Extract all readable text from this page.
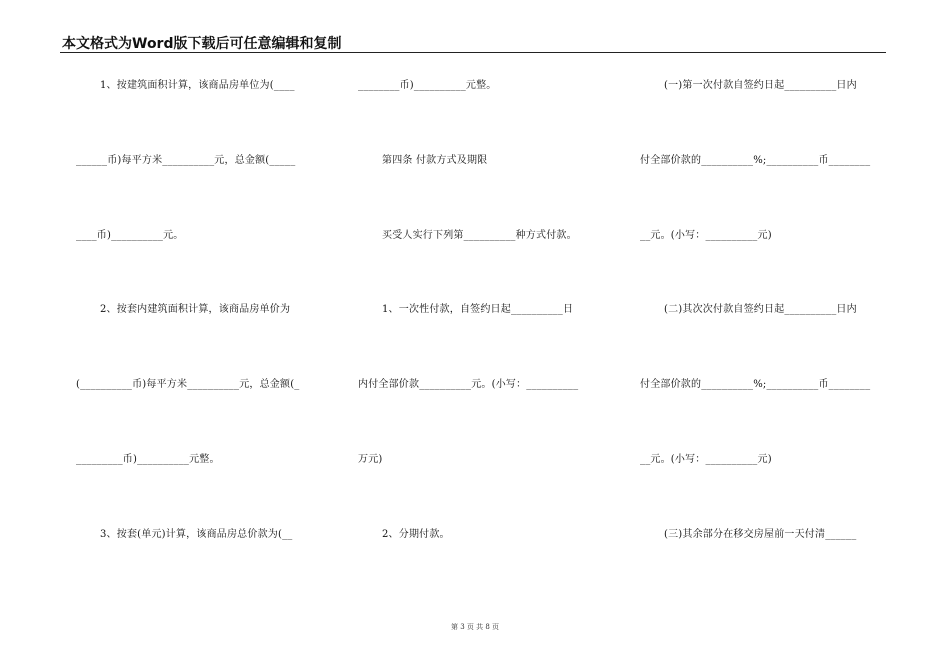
本文格式为Word版下载后可任意编辑和复制
1、按建筑面积计算，该商品房单位为(____
______币)每平方米__________元，总金额(_____
____币)__________元。
2、按套内建筑面积计算，该商品房单价为
(__________币)每平方米__________元，总金额(_
_________币)__________元整。
3、按套(单元)计算，该商品房总价款为(__
________币)__________元整。
第四条 付款方式及期限
买受人实行下列第__________种方式付款。
1、一次性付款，自签约日起__________日
内付全部价款__________元。(小写：__________
万元)
2、分期付款。
(一)第一次付款自签约日起__________日内
付全部价款的__________%;__________币________
__元。(小写：__________元)
(二)其次次付款自签约日起__________日内
付全部价款的__________%;__________币________
__元。(小写：__________元)
(三)其余部分在移交房屋前一天付清______
第 3 页 共 8 页
